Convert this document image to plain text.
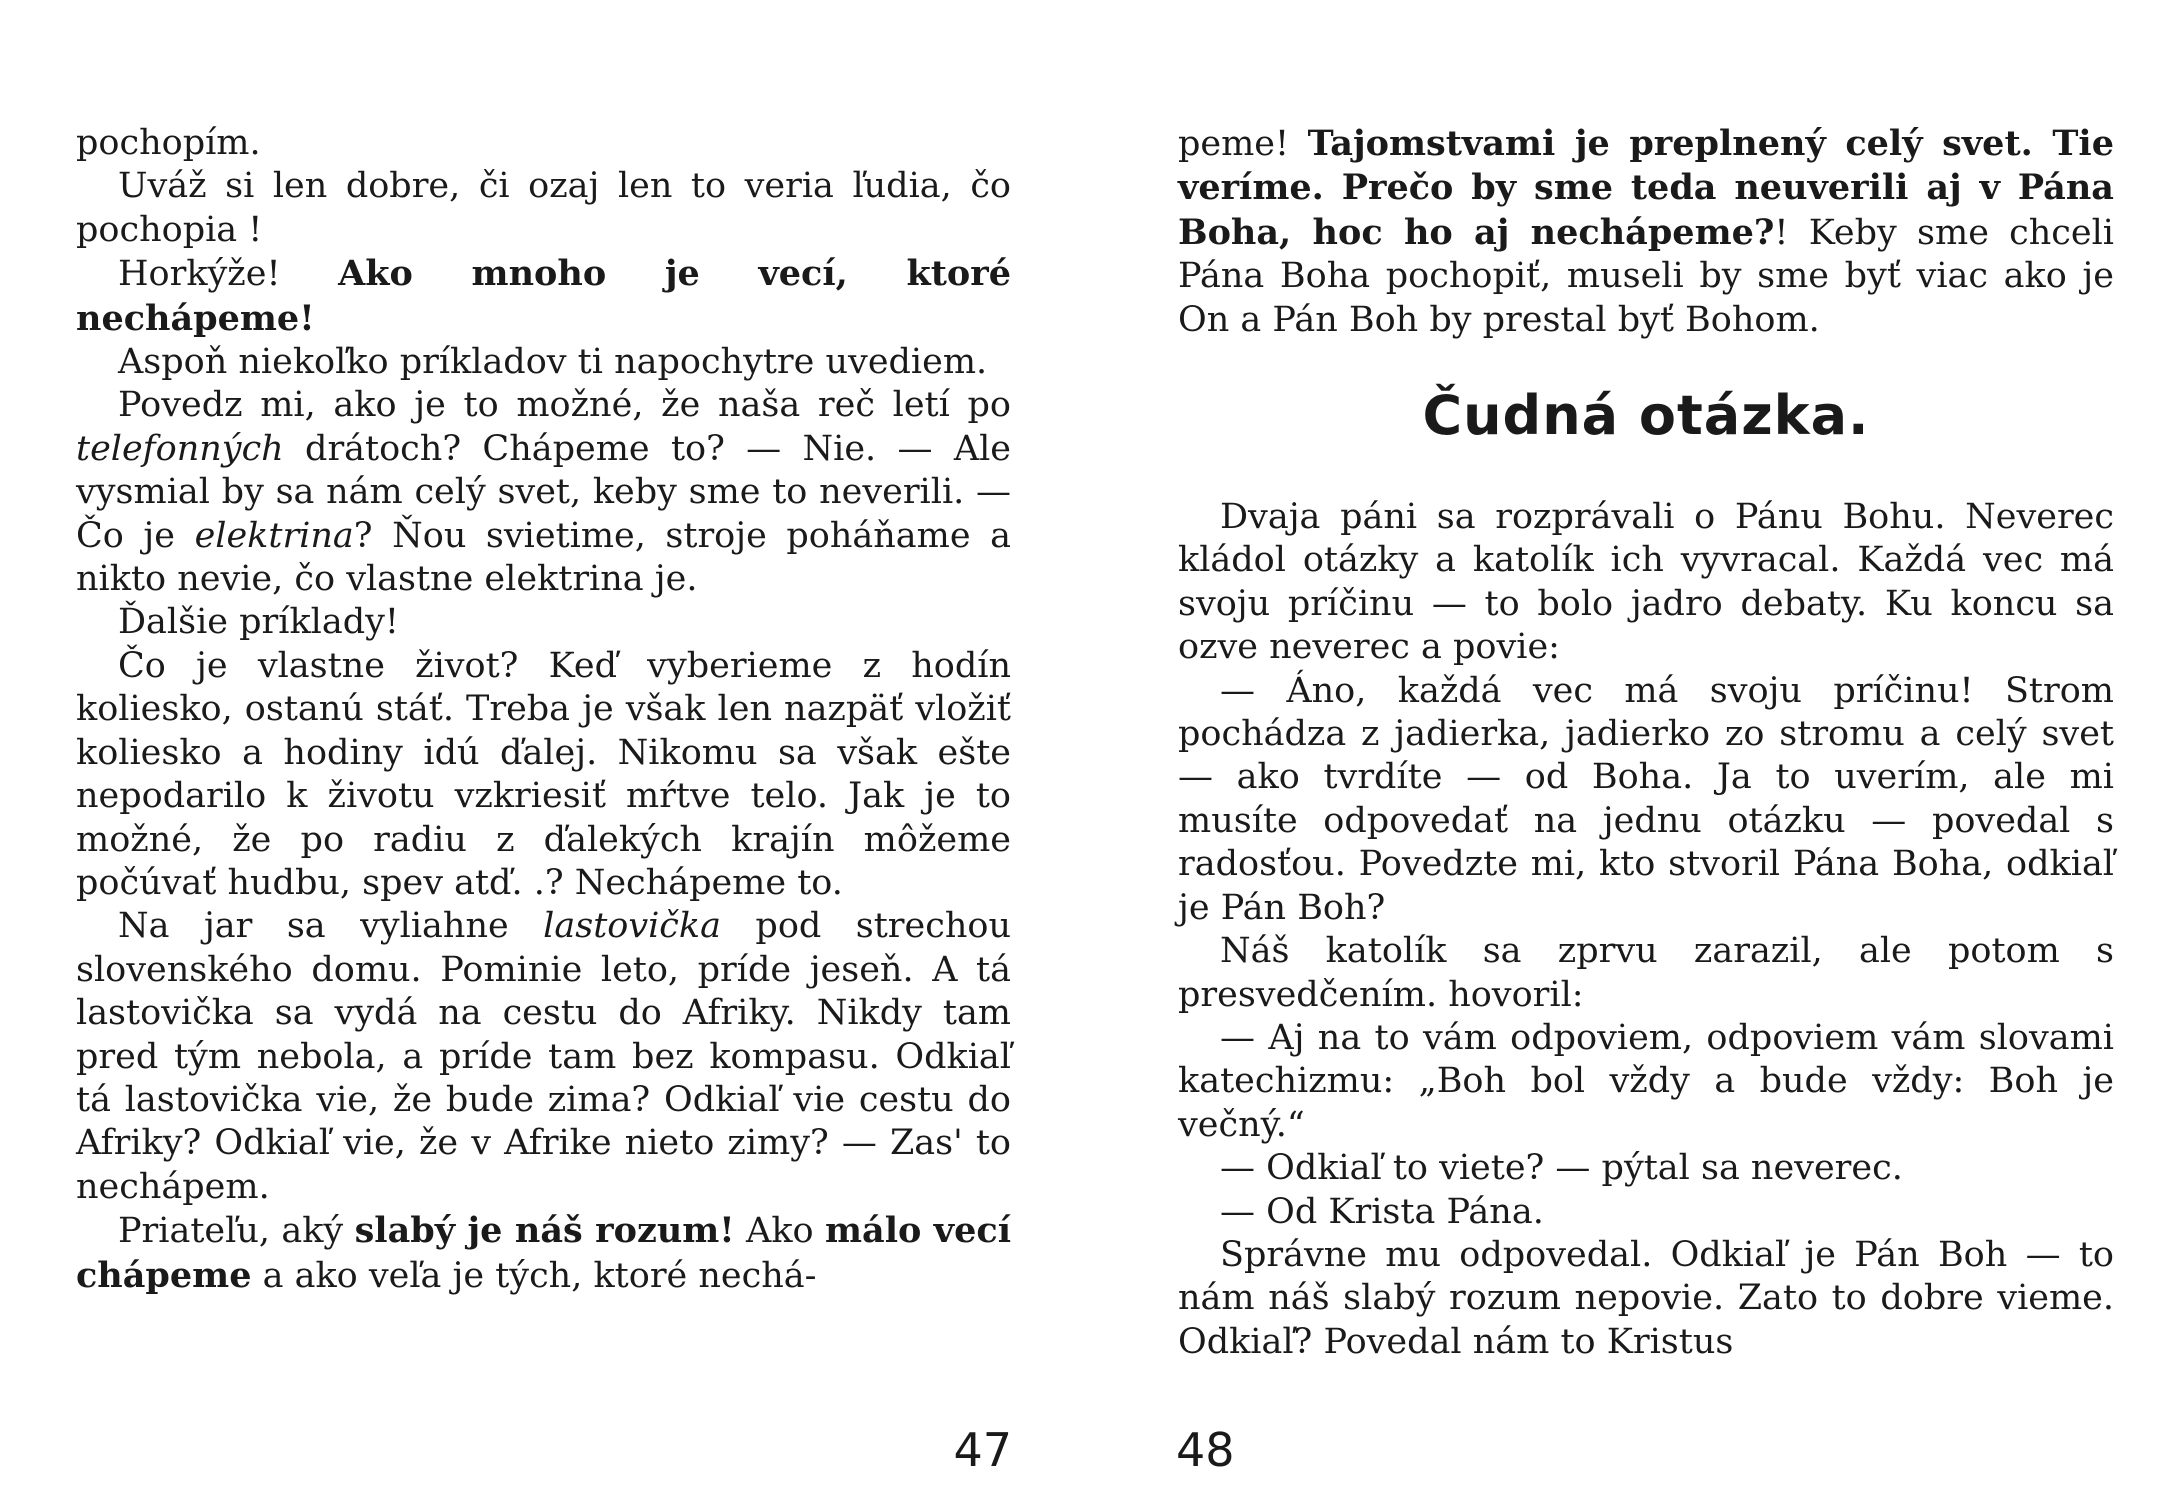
pochopím.

Uváž si len dobre, či ozaj len to veria ľudia, čo pochopia !

Horkýže! Ako mnoho je vecí, ktoré nechápeme!

Aspoň niekoľko príkladov ti napochytre uvediem.

Povedz mi, ako je to možné, že naša reč letí po telefonných drátoch? Chápeme to? — Nie. — Ale vysmial by sa nám celý svet, keby sme to neverili. — Čo je elektrina? Ňou svietime, stroje poháňame a nikto nevie, čo vlastne elektrina je.

Ďalšie príklady!

Čo je vlastne život? Keď vyberieme z hodín koliesko, ostanú stáť. Treba je však len nazpäť vložiť koliesko a hodiny idú ďalej. Nikomu sa však ešte nepodarilo k životu vzkriesiť mŕtve telo. Jak je to možné, že po radiu z ďalekých krajín môžeme počúvať hudbu, spev atď. .? Nechápeme to.

Na jar sa vyliahne lastovička pod strechou slovenského domu. Pominie leto, príde jeseň. A tá lastovička sa vydá na cestu do Afriky. Nikdy tam pred tým nebola, a príde tam bez kompasu. Odkiaľ tá lastovička vie, že bude zima? Odkiaľ vie cestu do Afriky? Odkiaľ vie, že v Afrike nieto zimy? — Zas' to nechápem.

Priateľu, aký slabý je náš rozum! Ako málo vecí chápeme a ako veľa je tých, ktoré nechá-

47

peme! Tajomstvami je preplnený celý svet. Tie veríme. Prečo by sme teda neuverili aj v Pána Boha, hoc ho aj nechápeme?! Keby sme chceli Pána Boha pochopiť, museli by sme byť viac ako je On a Pán Boh by prestal byť Bohom.

Čudná otázka.

Dvaja páni sa rozprávali o Pánu Bohu. Neverec kládol otázky a katolík ich vyvracal. Každá vec má svoju príčinu — to bolo jadro debaty. Ku koncu sa ozve neverec a povie:

— Áno, každá vec má svoju príčinu! Strom pochádza z jadierka, jadierko zo stromu a celý svet — ako tvrdíte — od Boha. Ja to uverím, ale mi musíte odpovedať na jednu otázku — povedal s radosťou. Povedzte mi, kto stvoril Pána Boha, odkiaľ je Pán Boh?

Náš katolík sa zprvu zarazil, ale potom s presvedčením. hovoril:

— Aj na to vám odpoviem, odpoviem vám slovami katechizmu: „Boh bol vždy a bude vždy: Boh je večný.“

— Odkiaľ to viete? — pýtal sa neverec.

— Od Krista Pána.

Správne mu odpovedal. Odkiaľ je Pán Boh — to nám náš slabý rozum nepovie. Zato to dobre vieme. Odkiaľ? Povedal nám to Kristus

48
